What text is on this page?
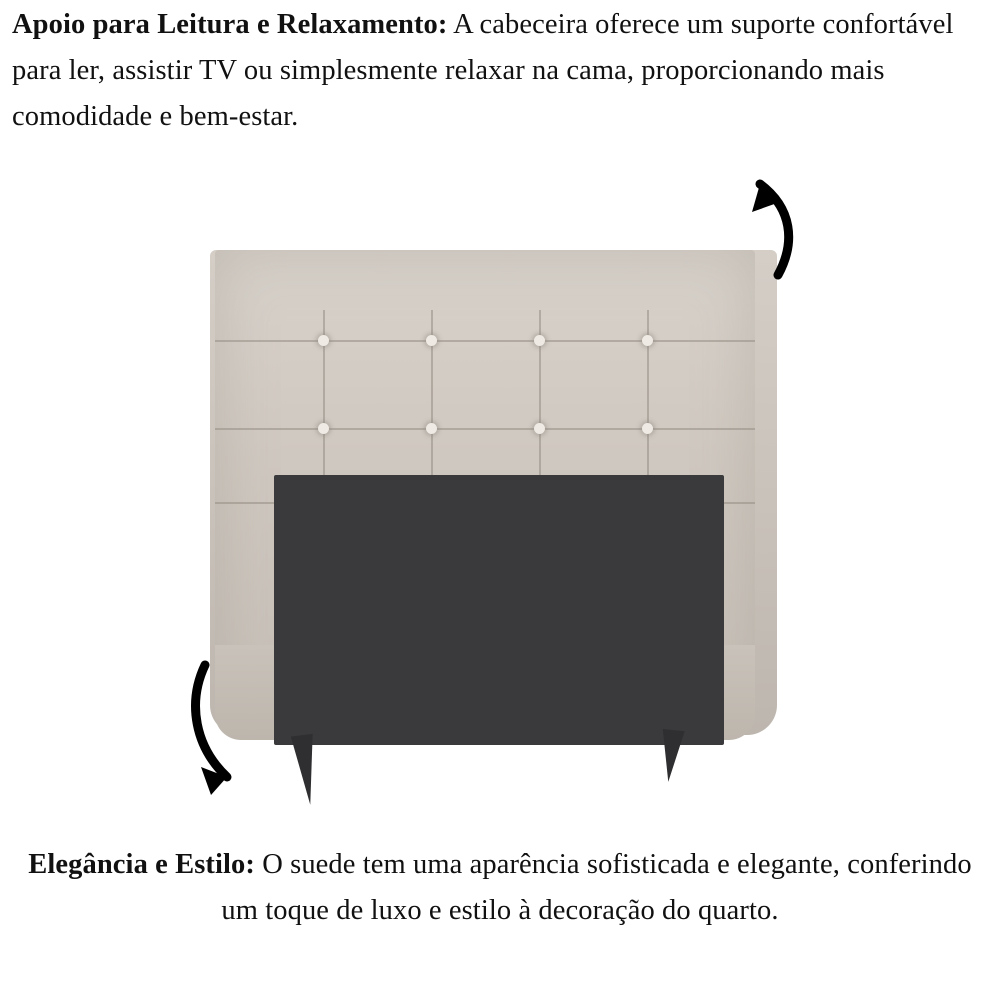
Apoio para Leitura e Relaxamento: A cabeceira oferece um suporte confortável para ler, assistir TV ou simplesmente relaxar na cama, proporcionando mais comodidade e bem-estar.
Elegância e Estilo: O suede tem uma aparência sofisticada e elegante, conferindo um toque de luxo e estilo à decoração do quarto.
